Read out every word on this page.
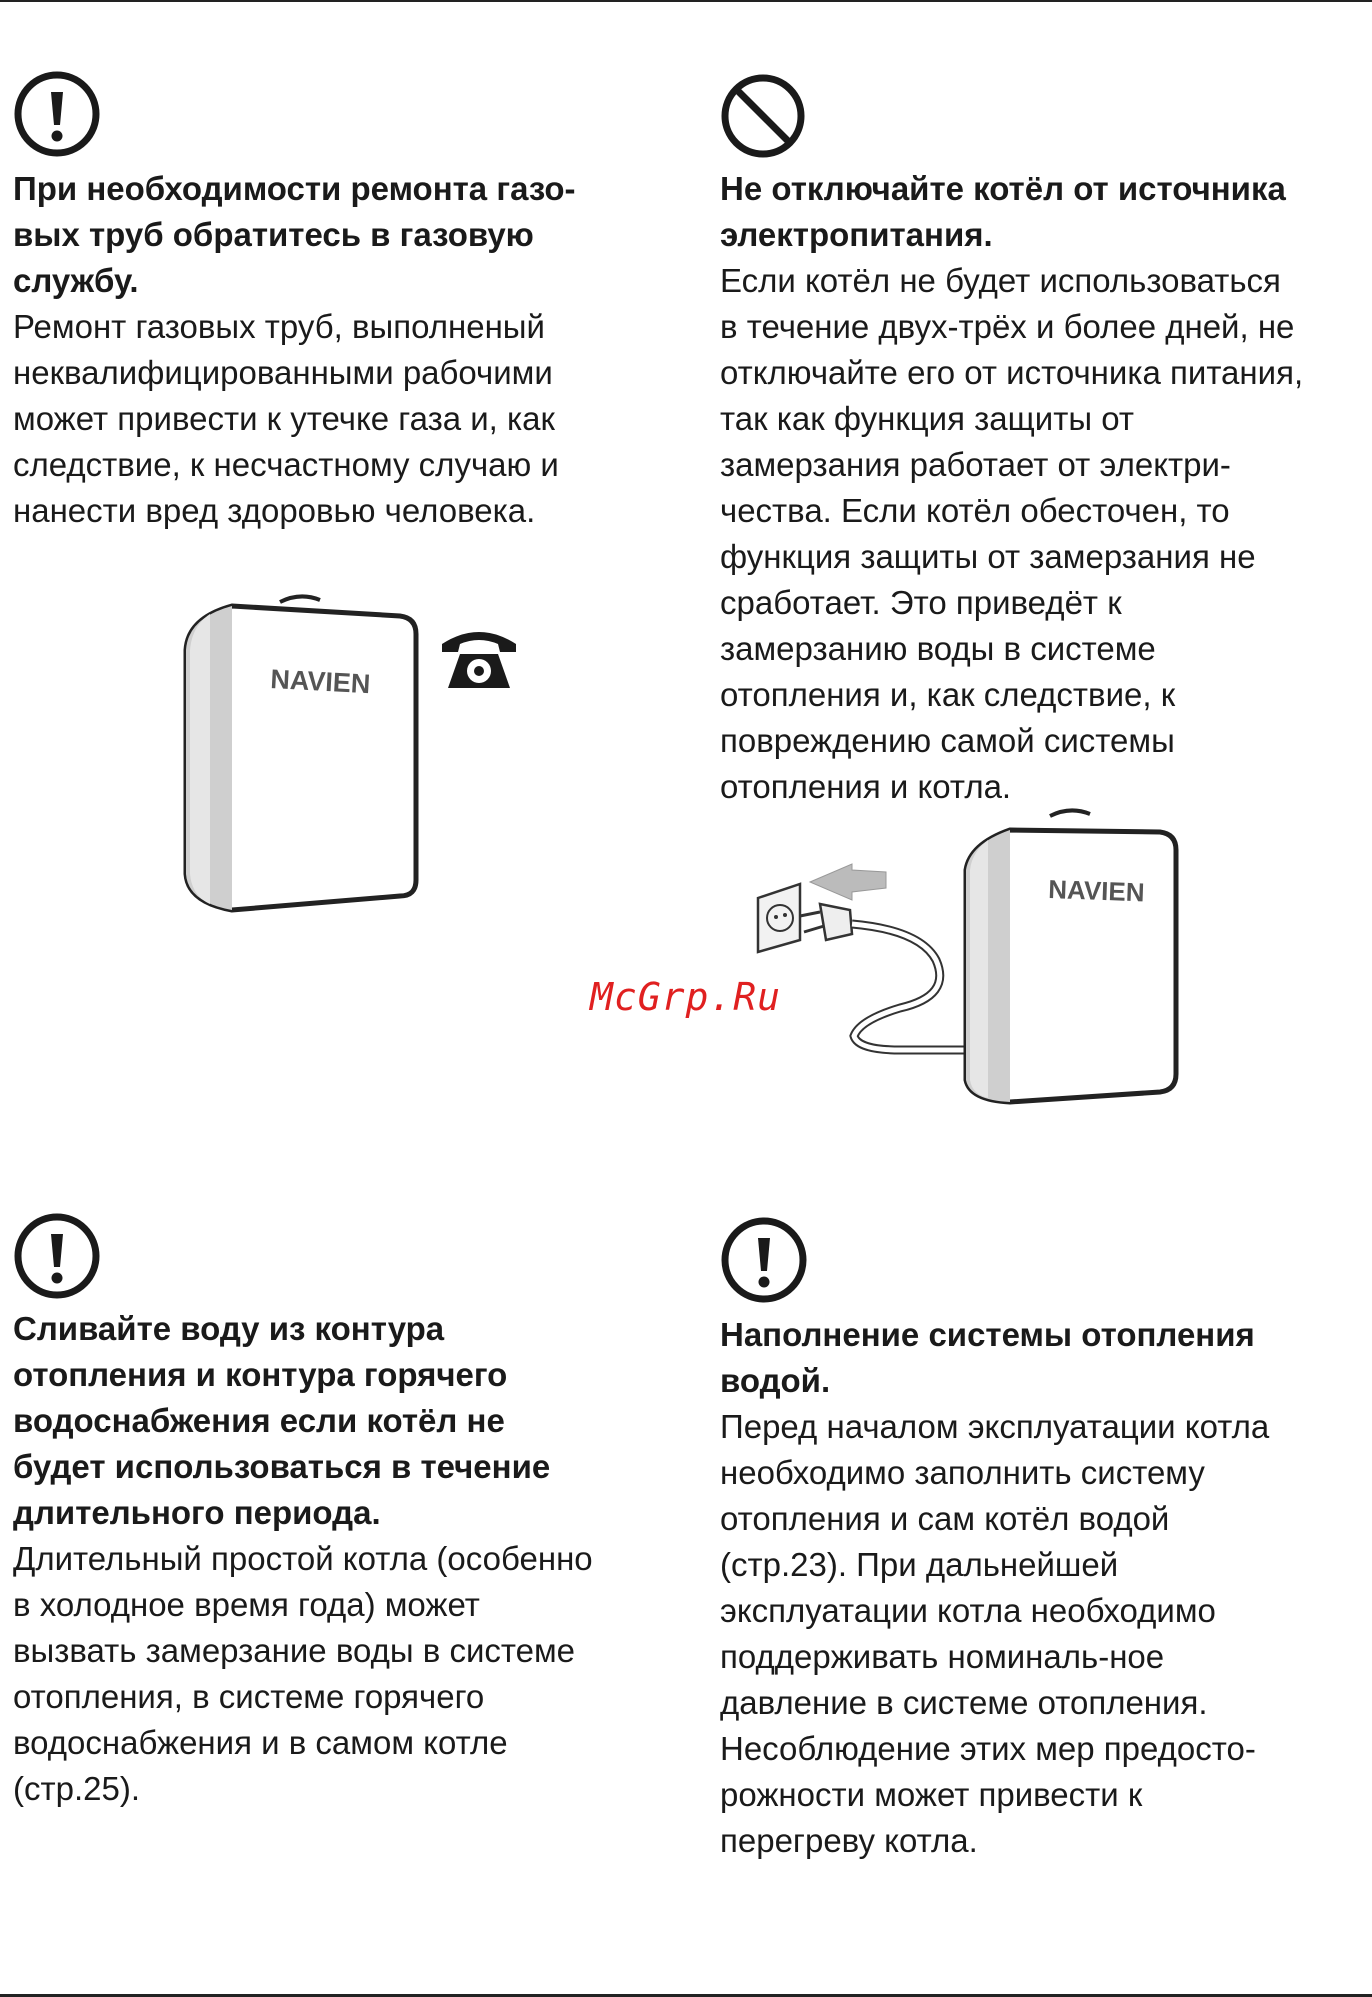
При необходимости ремонта газо-вых труб обратитесь в газовую службу.
Ремонт газовых труб, выполненый неквалифицированными рабочими может привести к утечке газа и, как следствие, к несчастному случаю и нанести вред здоровью человека.
NAVIEN
Не отключайте котёл от источника электропитания.
Если котёл не будет использоваться в течение двух-трёх и более дней, не отключайте его от источника питания, так как функция защиты от замерзания работает от электри-чества. Если котёл обесточен, то функция защиты от замерзания не сработает. Это приведёт к замерзанию воды в системе отопления и, как следствие, к повреждению самой системы отопления и котла.
NAVIEN
McGrp.Ru
Сливайте воду из контура отопления и контура горячего водоснабжения если котёл не будет использоваться в течение длительного периода.
Длительный простой котла (особенно в холодное время года) может вызвать замерзание воды в системе отопления, в системе горячего водоснабжения и в самом котле (стр.25).
Наполнение системы отопления водой.
Перед началом эксплуатации котла необходимо заполнить систему отопления и сам котёл водой (стр.23). При дальнейшей эксплуатации котла необходимо поддерживать номиналь-ное давление в системе отопления. Несоблюдение этих мер предосто-рожности может привести к перегреву котла.
